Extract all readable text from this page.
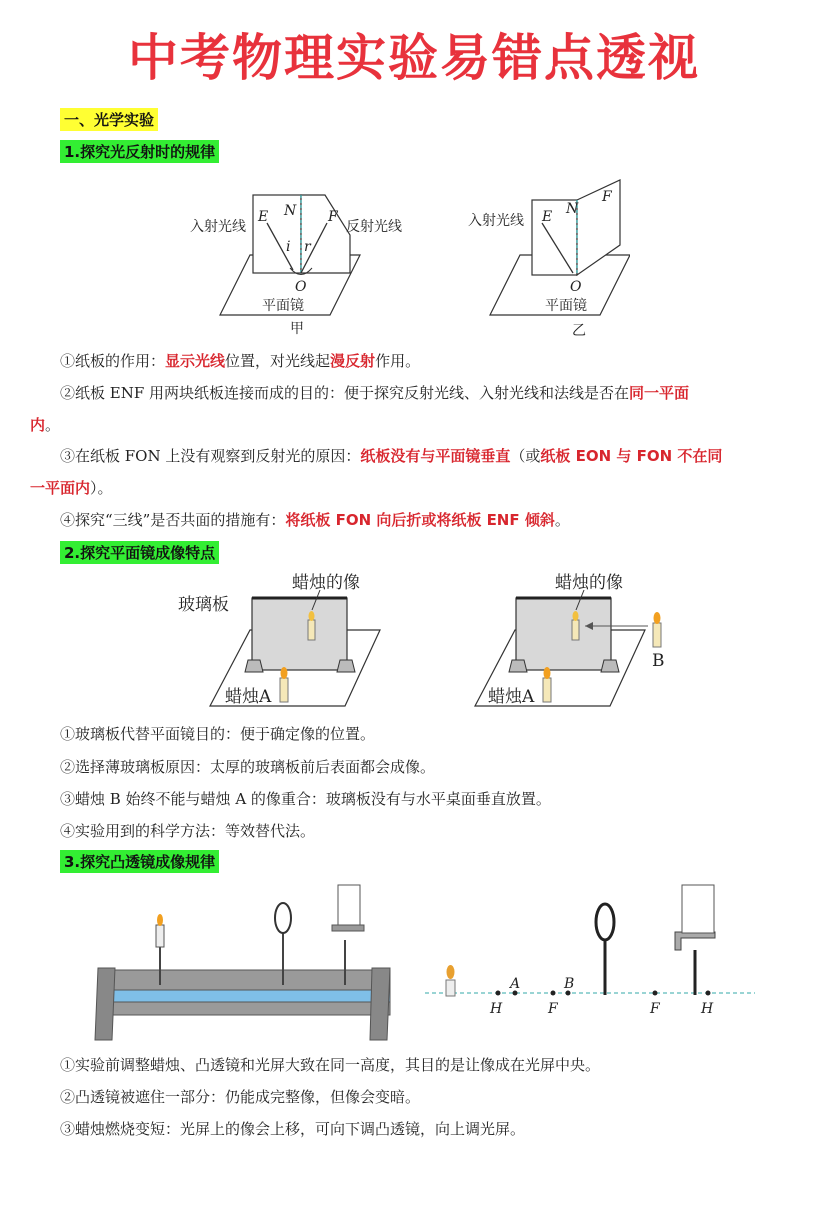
中考物理实验易错点透视
一、光学实验
1.探究光反射时的规律
入射光线	反射光线
E N F
i r
O
平面镜
甲
入射光线 E N
F
O
平面镜
乙
①纸板的作用：显示光线位置，对光线起漫反射作用。
②纸板 ENF 用两块纸板连接而成的目的：便于探究反射光线、入射光线和法线是否在同一平面
内。
③在纸板 FON 上没有观察到反射光的原因：纸板没有与平面镜垂直（或纸板 EON 与 FON 不在同
一平面内）。
④探究“三线”是否共面的措施有：将纸板 FON 向后折或将纸板 ENF 倾斜。
2.探究平面镜成像特点
玻璃板
蜡烛的像
蜡烛A
蜡烛的像
蜡烛A
B
①玻璃板代替平面镜目的：便于确定像的位置。
②选择薄玻璃板原因：太厚的玻璃板前后表面都会成像。
③蜡烛 B 始终不能与蜡烛 A 的像重合：玻璃板没有与水平桌面垂直放置。
④实验用到的科学方法：等效替代法。
3.探究凸透镜成像规律
H
A
F
B
F	H
①实验前调整蜡烛、凸透镜和光屏大致在同一高度，其目的是让像成在光屏中央。
②凸透镜被遮住一部分：仍能成完整像，但像会变暗。
③蜡烛燃烧变短：光屏上的像会上移，可向下调凸透镜，向上调光屏。
